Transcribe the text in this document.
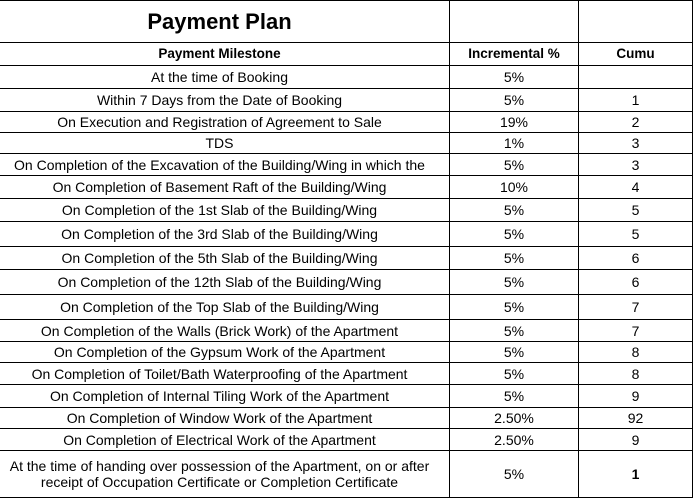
Payment Plan		
Payment Milestone	Incremental %	Cumu
At the time of Booking	5%	
Within 7 Days from the Date of Booking	5%	1
On Execution and Registration of Agreement to Sale	19%	2
TDS	1%	3
On Completion of the Excavation of the Building/Wing in which the	5%	3
On Completion of Basement Raft of the Building/Wing	10%	4
On Completion of the 1st Slab of the Building/Wing	5%	5
On Completion of the 3rd Slab of the Building/Wing	5%	5
On Completion of the 5th Slab of the Building/Wing	5%	6
On Completion of the 12th Slab of the Building/Wing	5%	6
On Completion of the Top Slab of the Building/Wing	5%	7
On Completion of the Walls (Brick Work) of the Apartment	5%	7
On Completion of the Gypsum Work of the Apartment	5%	8
On Completion of Toilet/Bath Waterproofing of the Apartment	5%	8
On Completion of Internal Tiling Work of the Apartment	5%	9
On Completion of Window Work of the Apartment	2.50%	92
On Completion of Electrical Work of the Apartment	2.50%	9
At the time of handing over possession of the Apartment, on or after
receipt of Occupation Certificate or Completion Certificate	5%	1
